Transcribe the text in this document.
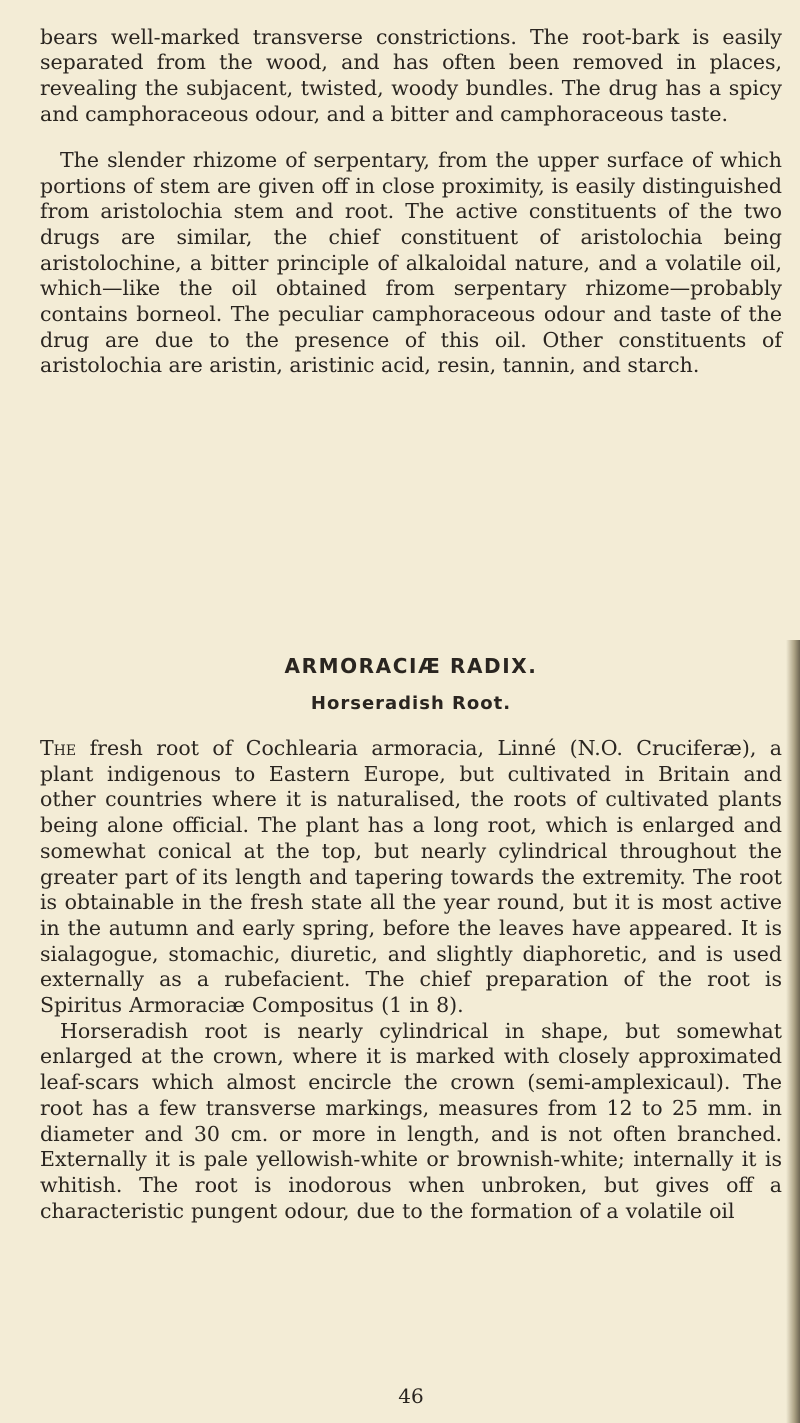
bears well-marked transverse constrictions. The root-bark is easily separated from the wood, and has often been removed in places, revealing the subjacent, twisted, woody bundles. The drug has a spicy and camphoraceous odour, and a bitter and camphoraceous taste.

The slender rhizome of serpentary, from the upper surface of which portions of stem are given off in close proximity, is easily distinguished from aristolochia stem and root. The active constituents of the two drugs are similar, the chief constituent of aristolochia being aristolochine, a bitter principle of alkaloidal nature, and a volatile oil, which—like the oil obtained from serpentary rhizome—probably contains borneol. The peculiar camphoraceous odour and taste of the drug are due to the presence of this oil. Other constituents of aristolochia are aristin, aristinic acid, resin, tannin, and starch.

ARMORACIÆ RADIX.
Horseradish Root.

The fresh root of Cochlearia armoracia, Linné (N.O. Cruciferæ), a plant indigenous to Eastern Europe, but cultivated in Britain and other countries where it is naturalised, the roots of cultivated plants being alone official. The plant has a long root, which is enlarged and somewhat conical at the top, but nearly cylindrical throughout the greater part of its length and tapering towards the extremity. The root is obtainable in the fresh state all the year round, but it is most active in the autumn and early spring, before the leaves have appeared. It is sialagogue, stomachic, diuretic, and slightly diaphoretic, and is used externally as a rubefacient. The chief preparation of the root is Spiritus Armoraciæ Compositus (1 in 8).

Horseradish root is nearly cylindrical in shape, but somewhat enlarged at the crown, where it is marked with closely approximated leaf-scars which almost encircle the crown (semi-amplexicaul). The root has a few transverse markings, measures from 12 to 25 mm. in diameter and 30 cm. or more in length, and is not often branched. Externally it is pale yellowish-white or brownish-white; internally it is whitish. The root is inodorous when unbroken, but gives off a characteristic pungent odour, due to the formation of a volatile oil

46
